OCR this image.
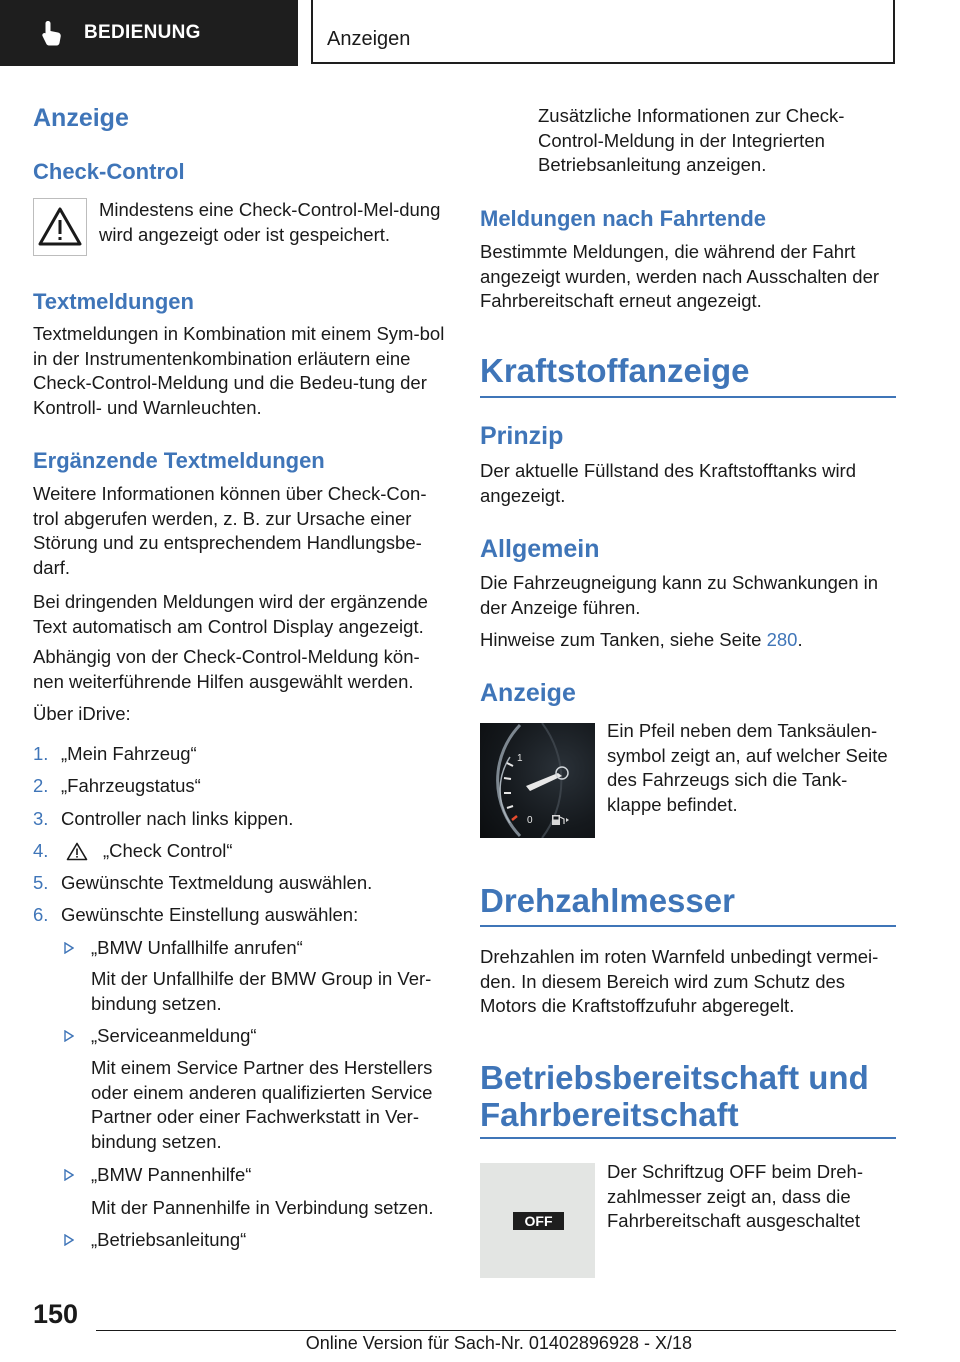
BEDIENUNG	Anzeigen

Anzeige

Check-Control

Mindestens eine Check-Control-Mel-dung wird angezeigt oder ist gespeichert.

Textmeldungen

Textmeldungen in Kombination mit einem Sym-bol in der Instrumentenkombination erläutern eine Check-Control-Meldung und die Bedeu-tung der Kontroll- und Warnleuchten.

Ergänzende Textmeldungen

Weitere Informationen können über Check-Con-trol abgerufen werden, z. B. zur Ursache einer Störung und zu entsprechendem Handlungsbe-darf.

Bei dringenden Meldungen wird der ergänzende Text automatisch am Control Display angezeigt.

Abhängig von der Check-Control-Meldung kön-nen weiterführende Hilfen ausgewählt werden.

Über iDrive:

1. „Mein Fahrzeug“
2. „Fahrzeugstatus“
3. Controller nach links kippen.
4.	„Check Control“
5. Gewünschte Textmeldung auswählen.
6. Gewünschte Einstellung auswählen:
„BMW Unfallhilfe anrufen“
Mit der Unfallhilfe der BMW Group in Ver-bindung setzen.
„Serviceanmeldung“
Mit einem Service Partner des Herstellers oder einem anderen qualifizierten Service Partner oder einer Fachwerkstatt in Ver-bindung setzen.
„BMW Pannenhilfe“
Mit der Pannenhilfe in Verbindung setzen.
„Betriebsanleitung“

Zusätzliche Informationen zur Check-Control-Meldung in der Integrierten Betriebsanleitung anzeigen.

Meldungen nach Fahrtende

Bestimmte Meldungen, die während der Fahrt angezeigt wurden, werden nach Ausschalten der Fahrbereitschaft erneut angezeigt.

Kraftstoffanzeige

Prinzip

Der aktuelle Füllstand des Kraftstofftanks wird angezeigt.

Allgemein

Die Fahrzeugneigung kann zu Schwankungen in der Anzeige führen.

Hinweise zum Tanken, siehe Seite 280.

Anzeige

1
0

Ein Pfeil neben dem Tanksäulen-symbol zeigt an, auf welcher Seite des Fahrzeugs sich die Tank-klappe befindet.

Drehzahlmesser

Drehzahlen im roten Warnfeld unbedingt vermei-den. In diesem Bereich wird zum Schutz des Motors die Kraftstoffzufuhr abgeregelt.

Betriebsbereitschaft und Fahrbereitschaft

OFF

Der Schriftzug OFF beim Dreh-zahlmesser zeigt an, dass die Fahrbereitschaft ausgeschaltet

150
Online Version für Sach-Nr. 01402896928 - X/18
